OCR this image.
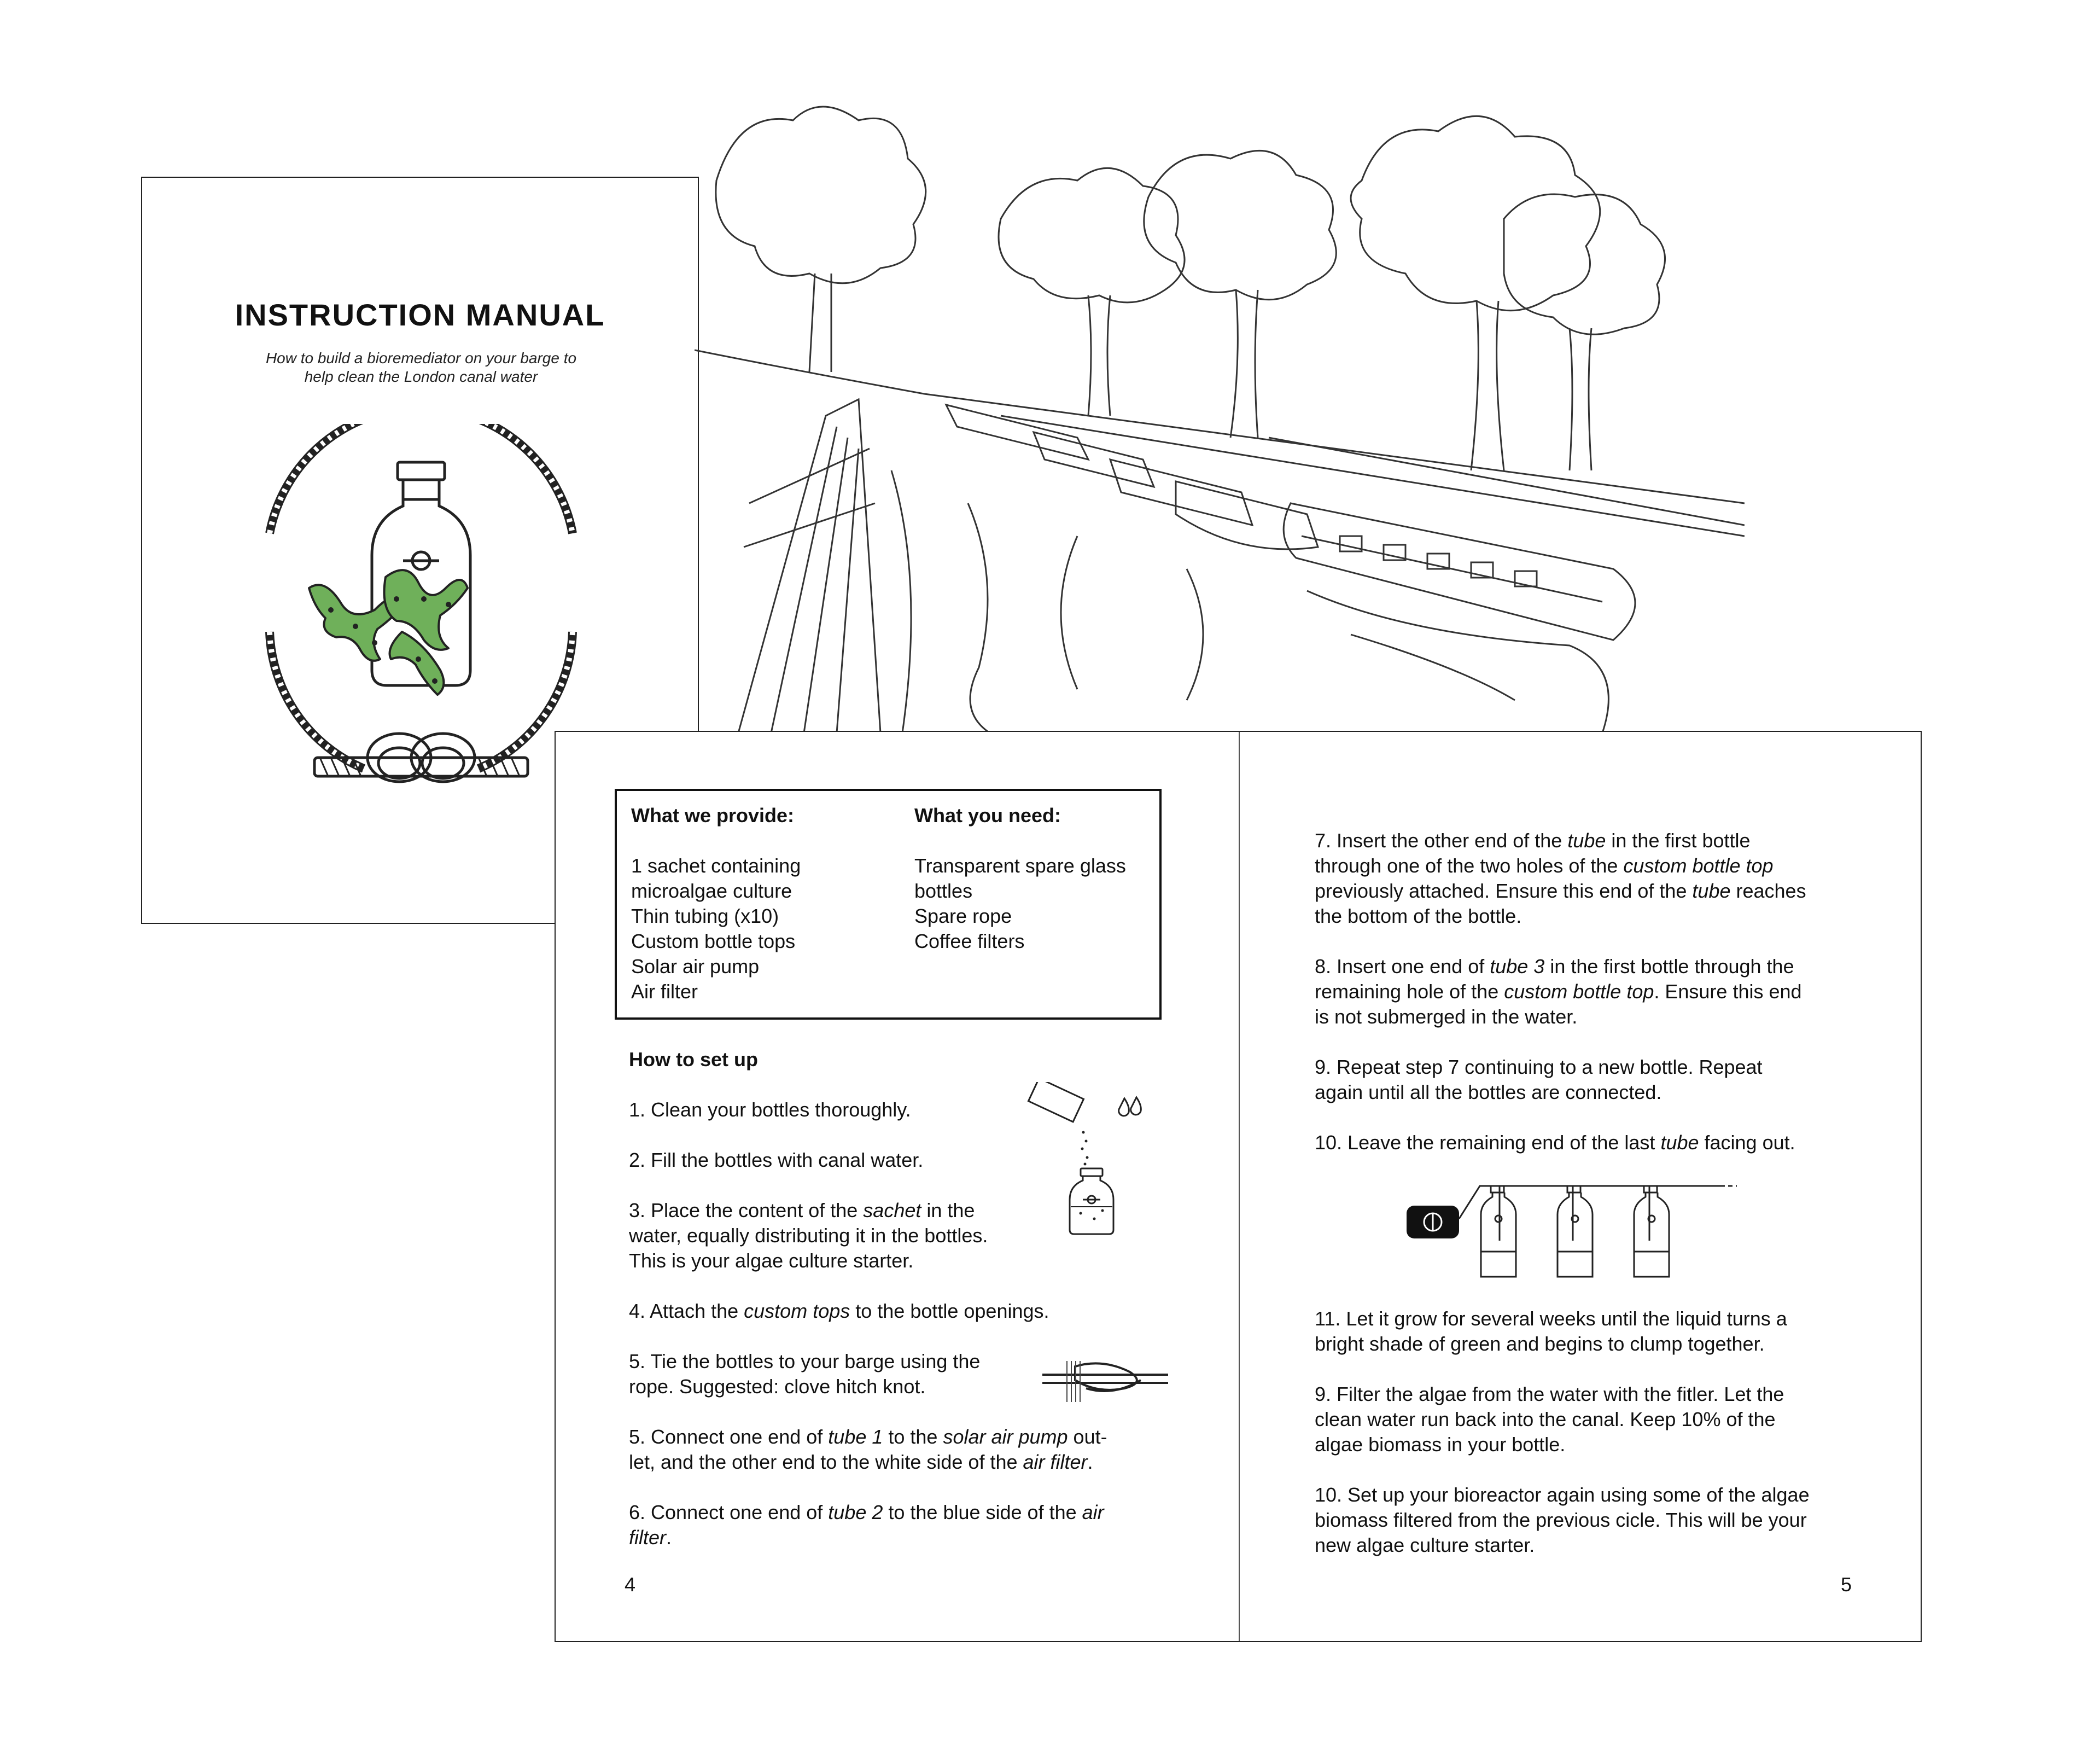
INSTRUCTION MANUAL
How to build a bioremediator on your barge to
help clean the London canal water
What we provide:
1 sachet containing
microalgae culture
Thin tubing (x10)
Custom bottle tops
Solar air pump
Air filter
What you need:
Transparent spare glass
bottles
Spare rope
Coffee filters
How to set up
1. Clean your bottles thoroughly.
2. Fill the bottles with canal water.
3. Place the content of the sachet in the
water, equally distributing it in the bottles.
This is your algae culture starter.
4. Attach the custom tops to the bottle openings.
5. Tie the bottles to your barge using the
rope. Suggested: clove hitch knot.
5. Connect one end of tube 1 to the solar air pump out-
let, and the other end to the white side of the air filter.
6. Connect one end of tube 2 to the blue side of the air
filter.
4
7. Insert the other end of the tube in the first bottle
through one of the two holes of the custom bottle top
previously attached. Ensure this end of the tube reaches
the bottom of the bottle.
8. Insert one end of tube 3 in the first bottle through the
remaining hole of the custom bottle top. Ensure this end
is not submerged in the water.
9. Repeat step 7 continuing to a new bottle. Repeat
again until all the bottles are connected.
10. Leave the remaining end of the last tube facing out.
11. Let it grow for several weeks until the liquid turns a
bright shade of green and begins to clump together.
9. Filter the algae from the water with the fitler. Let the
clean water run back into the canal. Keep 10% of the
algae biomass in your bottle.
10. Set up your bioreactor again using some of the algae
biomass filtered from the previous cicle. This will be your
new algae culture starter.
5
